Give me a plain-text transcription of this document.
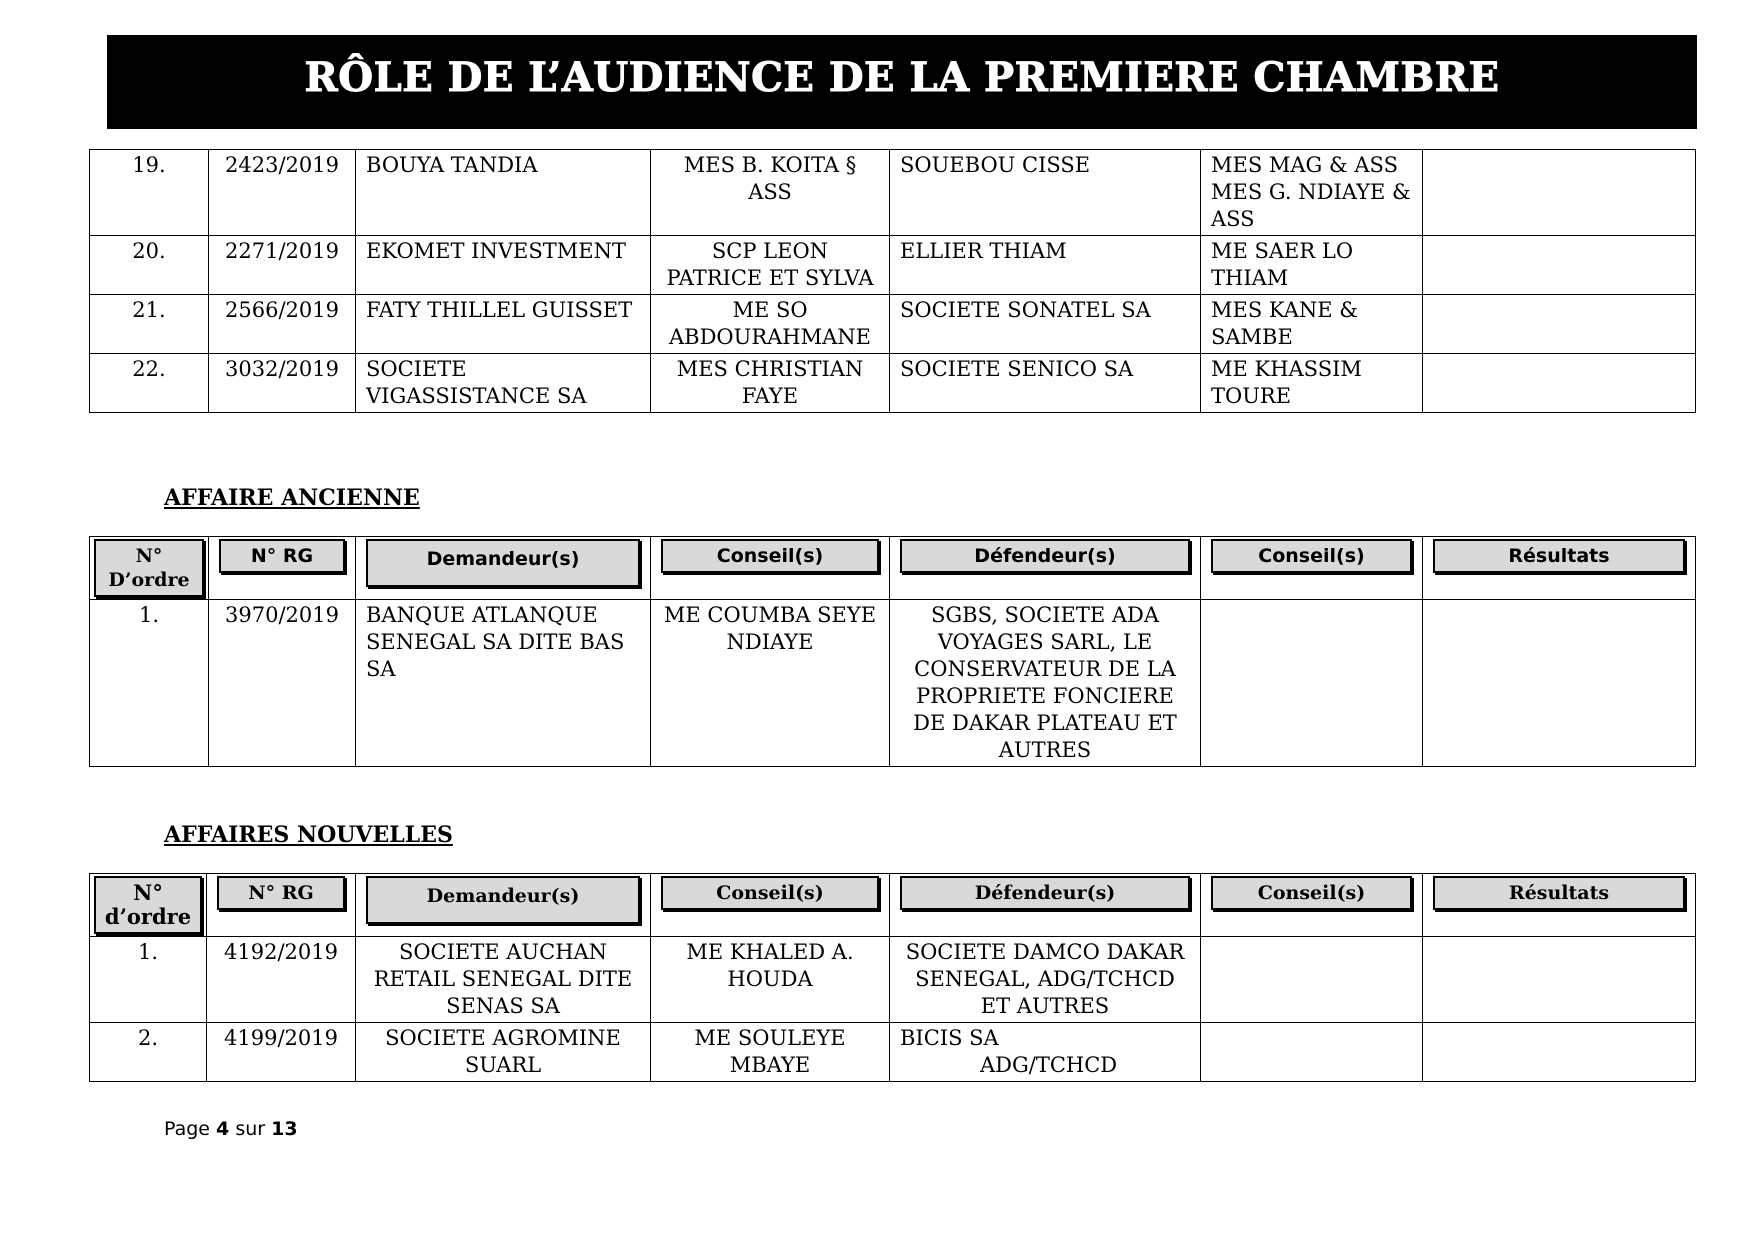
RÔLE DE L’AUDIENCE DE LA PREMIERE CHAMBRE
19.	2423/2019	BOUYA TANDIA	MES B. KOITA § ASS	SOUEBOU CISSE	MES MAG & ASS MES G. NDIAYE & ASS	
20.	2271/2019	EKOMET INVESTMENT	SCP LEON PATRICE ET SYLVA	ELLIER THIAM	ME SAER LO THIAM	
21.	2566/2019	FATY THILLEL GUISSET	ME SO ABDOURAHMANE	SOCIETE SONATEL SA	MES KANE & SAMBE	
22.	3032/2019	SOCIETE VIGASSISTANCE SA	MES CHRISTIAN FAYE	SOCIETE SENICO SA	ME KHASSIM TOURE	
AFFAIRE ANCIENNE
N° D’ordre	N° RG	Demandeur(s)	Conseil(s)	Défendeur(s)	Conseil(s)	Résultats

1.	3970/2019	BANQUE ATLANQUE SENEGAL SA DITE BAS SA	ME COUMBA SEYE NDIAYE	SGBS, SOCIETE ADA VOYAGES SARL, LE CONSERVATEUR DE LA PROPRIETE FONCIERE DE DAKAR PLATEAU ET AUTRES		
AFFAIRES NOUVELLES
N° d’ordre	N° RG	Demandeur(s)	Conseil(s)	Défendeur(s)	Conseil(s)	Résultats

1.	4192/2019	SOCIETE AUCHAN RETAIL SENEGAL DITE SENAS SA	ME KHALED A. HOUDA	SOCIETE DAMCO DAKAR SENEGAL, ADG/TCHCD ET AUTRES		
2.	4199/2019	SOCIETE AGROMINE SUARL	ME SOULEYE MBAYE	BICIS SA
ADG/TCHCD		

Page 4 sur 13
